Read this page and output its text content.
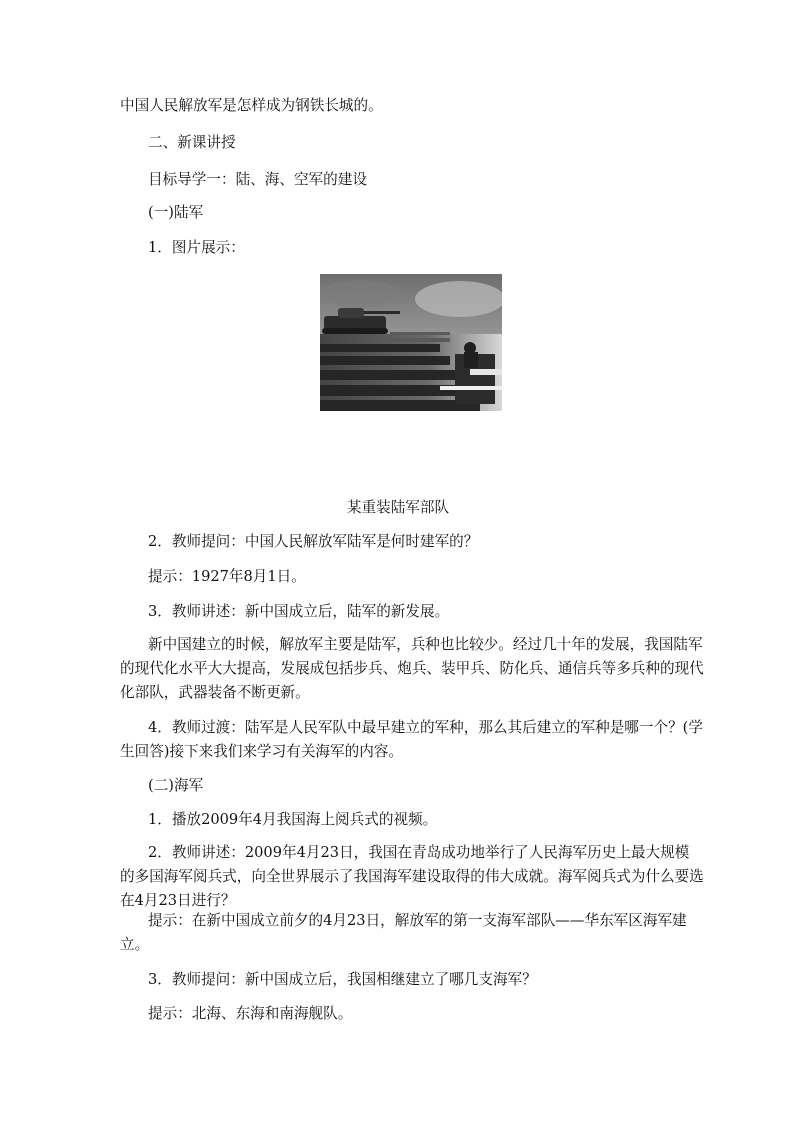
中国人民解放军是怎样成为钢铁长城的。
二、新课讲授
目标导学一：陆、海、空军的建设
(一)陆军
1．图片展示：
某重装陆军部队
2．教师提问：中国人民解放军陆军是何时建军的？
提示：1927年8月1日。
3．教师讲述：新中国成立后，陆军的新发展。
新中国建立的时候，解放军主要是陆军，兵种也比较少。经过几十年的发展，我国陆军
的现代化水平大大提高，发展成包括步兵、炮兵、装甲兵、防化兵、通信兵等多兵种的现代
化部队，武器装备不断更新。
4．教师过渡：陆军是人民军队中最早建立的军种，那么其后建立的军种是哪一个？(学
生回答)接下来我们来学习有关海军的内容。
(二)海军
1．播放2009年4月我国海上阅兵式的视频。
2．教师讲述：2009年4月23日，我国在青岛成功地举行了人民海军历史上最大规模
的多国海军阅兵式，向全世界展示了我国海军建设取得的伟大成就。海军阅兵式为什么要选
在4月23日进行？
提示：在新中国成立前夕的4月23日，解放军的第一支海军部队——华东军区海军建
立。
3．教师提问：新中国成立后，我国相继建立了哪几支海军？
提示：北海、东海和南海舰队。
